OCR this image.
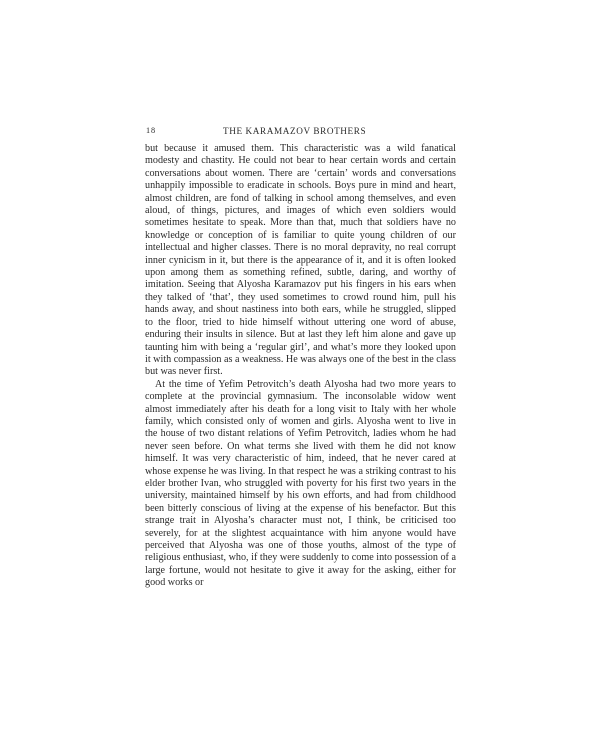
18	THE KARAMAZOV BROTHERS

but because it amused them. This characteristic was a wild fanatical modesty and chastity. He could not bear to hear certain words and certain conversations about women. There are ‘certain’ words and conversations unhappily impossible to eradicate in schools. Boys pure in mind and heart, almost children, are fond of talking in school among themselves, and even aloud, of things, pictures, and images of which even soldiers would sometimes hesitate to speak. More than that, much that soldiers have no knowledge or conception of is familiar to quite young children of our intellectual and higher classes. There is no moral depravity, no real corrupt inner cynicism in it, but there is the appearance of it, and it is often looked upon among them as something refined, subtle, daring, and worthy of imitation. Seeing that Alyosha Karamazov put his fingers in his ears when they talked of ‘that’, they used sometimes to crowd round him, pull his hands away, and shout nastiness into both ears, while he struggled, slipped to the floor, tried to hide himself without uttering one word of abuse, enduring their insults in silence. But at last they left him alone and gave up taunting him with being a ‘regular girl’, and what’s more they looked upon it with compassion as a weakness. He was always one of the best in the class but was never first.

At the time of Yefim Petrovitch’s death Alyosha had two more years to complete at the provincial gymnasium. The inconsolable widow went almost immediately after his death for a long visit to Italy with her whole family, which consisted only of women and girls. Alyosha went to live in the house of two distant relations of Yefim Petrovitch, ladies whom he had never seen before. On what terms she lived with them he did not know himself. It was very characteristic of him, indeed, that he never cared at whose expense he was living. In that respect he was a striking contrast to his elder brother Ivan, who struggled with poverty for his first two years in the university, maintained himself by his own efforts, and had from childhood been bitterly conscious of living at the expense of his benefactor. But this strange trait in Alyosha’s character must not, I think, be criticised too severely, for at the slightest acquaintance with him anyone would have perceived that Alyosha was one of those youths, almost of the type of religious enthusiast, who, if they were suddenly to come into possession of a large fortune, would not hesitate to give it away for the asking, either for good works or
